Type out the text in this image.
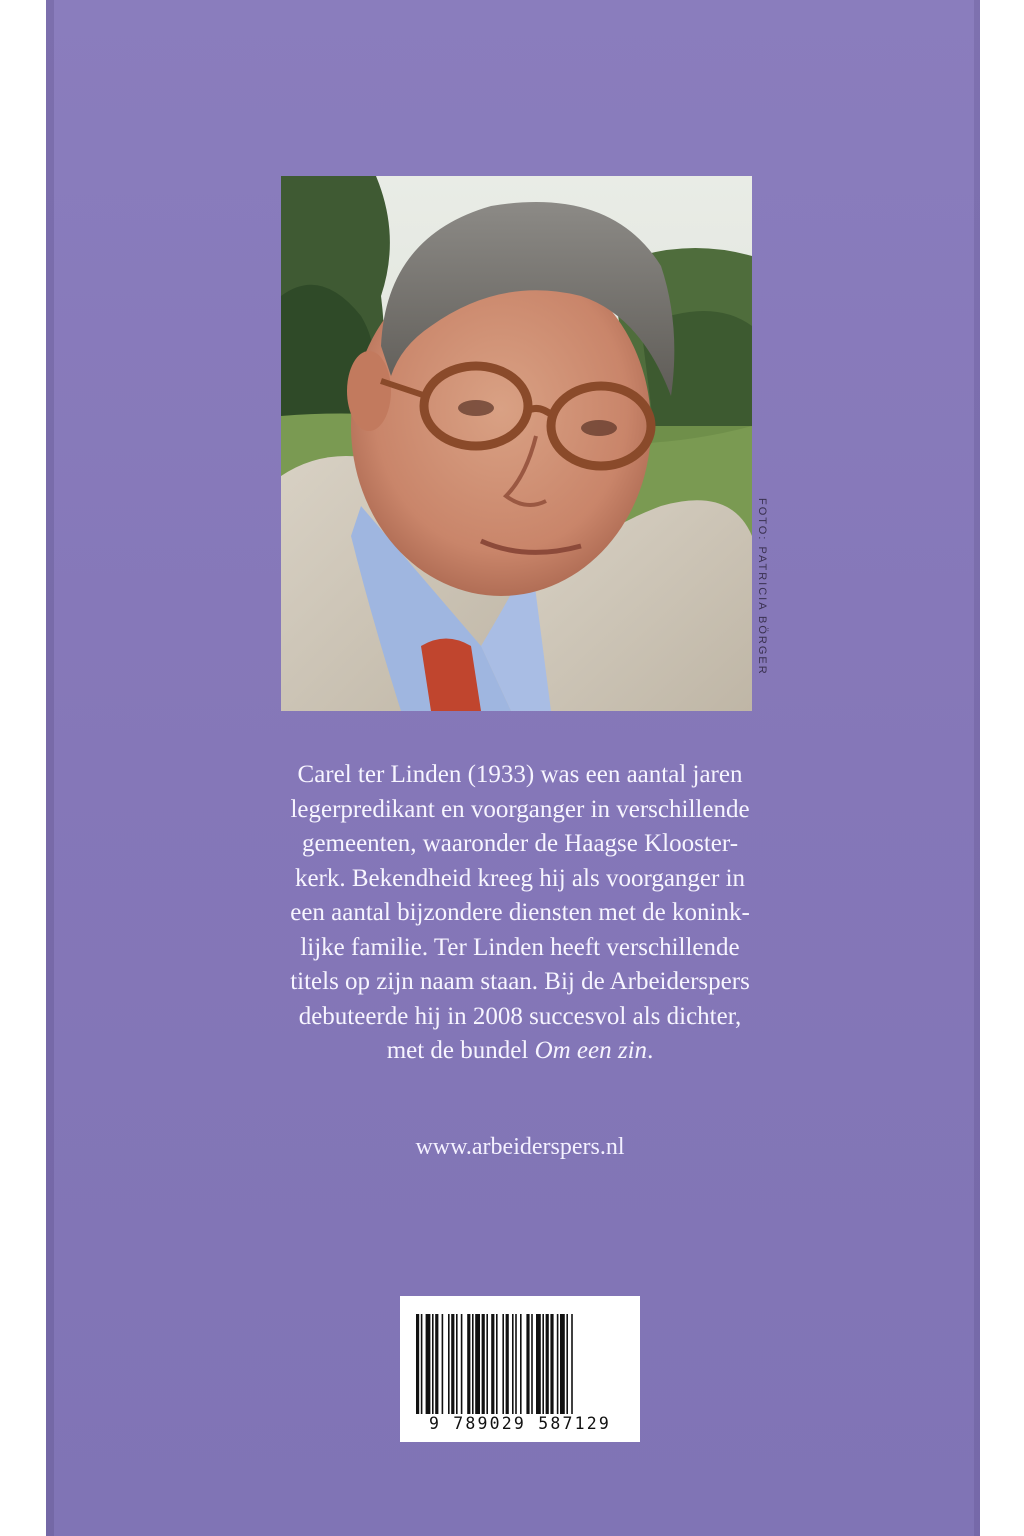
FOTO: PATRICIA BÖRGER
Carel ter Linden (1933) was een aantal jaren
legerpredikant en voorganger in verschillende
gemeenten, waaronder de Haagse Klooster-
kerk. Bekendheid kreeg hij als voorganger in
een aantal bijzondere diensten met de konink-
lijke familie. Ter Linden heeft verschillende
titels op zijn naam staan. Bij de Arbeiderspers
debuteerde hij in 2008 succesvol als dichter,
met de bundel Om een zin.
www.arbeiderspers.nl
9 789029 587129
